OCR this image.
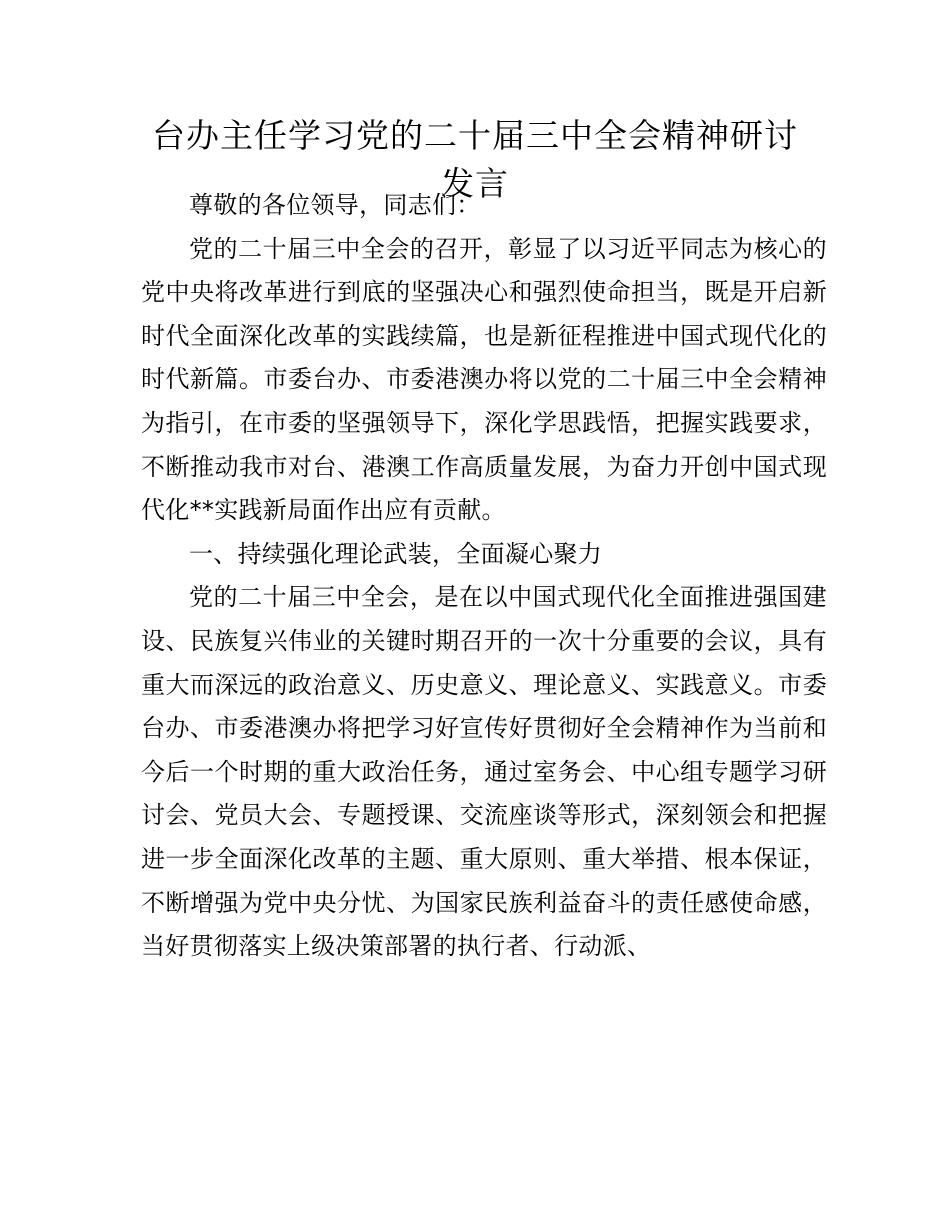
台办主任学习党的二十届三中全会精神研讨发言

尊敬的各位领导，同志们：

党的二十届三中全会的召开，彰显了以习近平同志为核心的党中央将改革进行到底的坚强决心和强烈使命担当，既是开启新时代全面深化改革的实践续篇，也是新征程推进中国式现代化的时代新篇。市委台办、市委港澳办将以党的二十届三中全会精神为指引，在市委的坚强领导下，深化学思践悟，把握实践要求，不断推动我市对台、港澳工作高质量发展，为奋力开创中国式现代化**实践新局面作出应有贡献。

一、持续强化理论武装，全面凝心聚力

党的二十届三中全会，是在以中国式现代化全面推进强国建设、民族复兴伟业的关键时期召开的一次十分重要的会议，具有重大而深远的政治意义、历史意义、理论意义、实践意义。市委台办、市委港澳办将把学习好宣传好贯彻好全会精神作为当前和今后一个时期的重大政治任务，通过室务会、中心组专题学习研讨会、党员大会、专题授课、交流座谈等形式，深刻领会和把握进一步全面深化改革的主题、重大原则、重大举措、根本保证，不断增强为党中央分忧、为国家民族利益奋斗的责任感使命感，当好贯彻落实上级决策部署的执行者、行动派、
